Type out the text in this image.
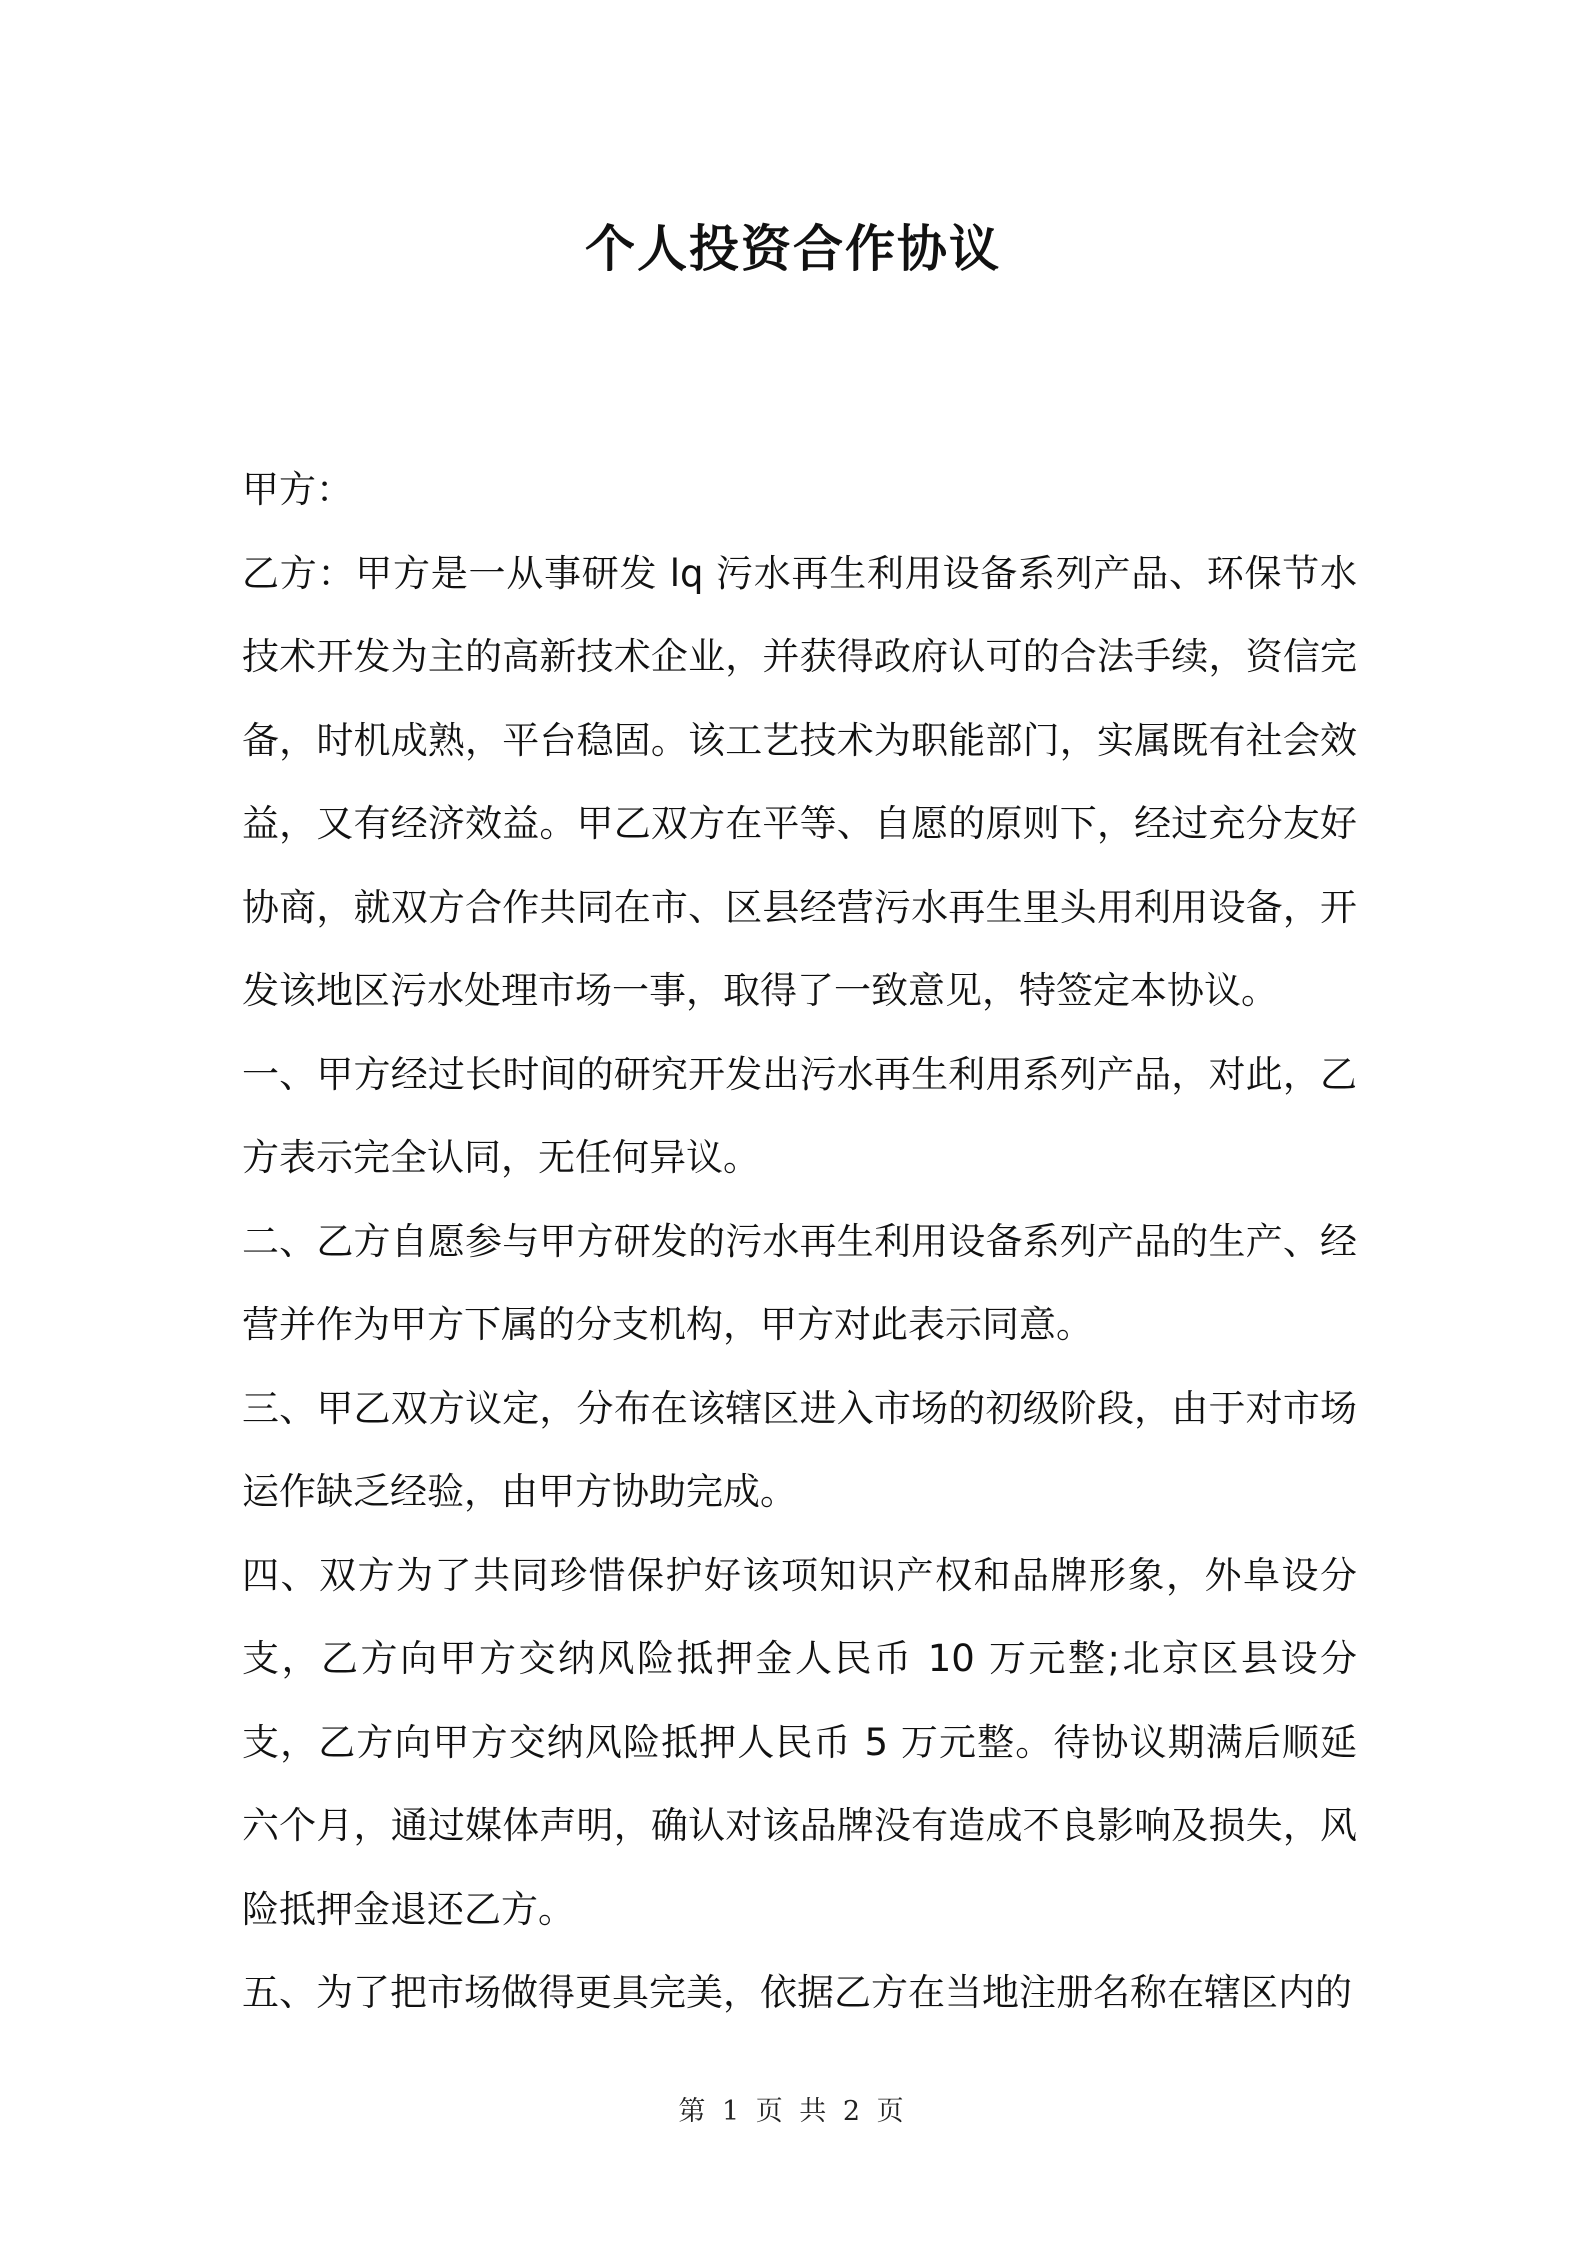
个人投资合作协议

甲方：

乙方：甲方是一从事研发 lq 污水再生利用设备系列产品、环保节水技术开发为主的高新技术企业，并获得政府认可的合法手续，资信完备，时机成熟，平台稳固。该工艺技术为职能部门，实属既有社会效益，又有经济效益。甲乙双方在平等、自愿的原则下，经过充分友好协商，就双方合作共同在市、区县经营污水再生里头用利用设备，开发该地区污水处理市场一事，取得了一致意见，特签定本协议。

一、甲方经过长时间的研究开发出污水再生利用系列产品，对此，乙方表示完全认同，无任何异议。

二、乙方自愿参与甲方研发的污水再生利用设备系列产品的生产、经营并作为甲方下属的分支机构，甲方对此表示同意。

三、甲乙双方议定，分布在该辖区进入市场的初级阶段，由于对市场运作缺乏经验，由甲方协助完成。

四、双方为了共同珍惜保护好该项知识产权和品牌形象，外阜设分支，乙方向甲方交纳风险抵押金人民币 10 万元整;北京区县设分支，乙方向甲方交纳风险抵押人民币 5 万元整。待协议期满后顺延六个月，通过媒体声明，确认对该品牌没有造成不良影响及损失，风险抵押金退还乙方。

五、为了把市场做得更具完美，依据乙方在当地注册名称在辖区内的

第 1 页 共 2 页
